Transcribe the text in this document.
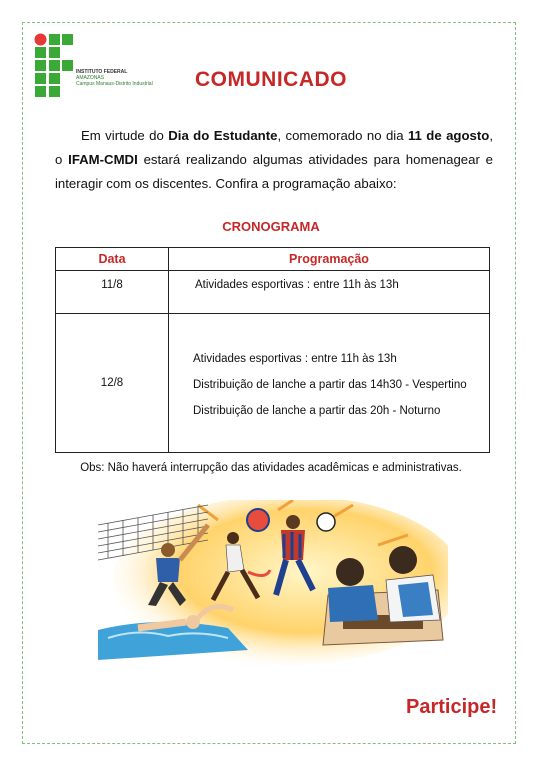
INSTITUTO FEDERAL
AMAZONAS
Campus Manaus-Distrito Industrial	COMUNICADO

Em virtude do Dia do Estudante, comemorado no dia 11 de agosto, o IFAM-CMDI estará realizando algumas atividades para homenagear e interagir com os discentes. Confira a programação abaixo:

CRONOGRAMA
Data	Programação
11/8	Atividades esportivas : entre 11h às 13h

12/8	Atividades esportivas : entre 11h às 13h
Distribuição de lanche a partir das 14h30 - Vespertino
Distribuição de lanche a partir das 20h - Noturno
Obs: Não haverá interrupção das atividades acadêmicas e administrativas.
Participe!
